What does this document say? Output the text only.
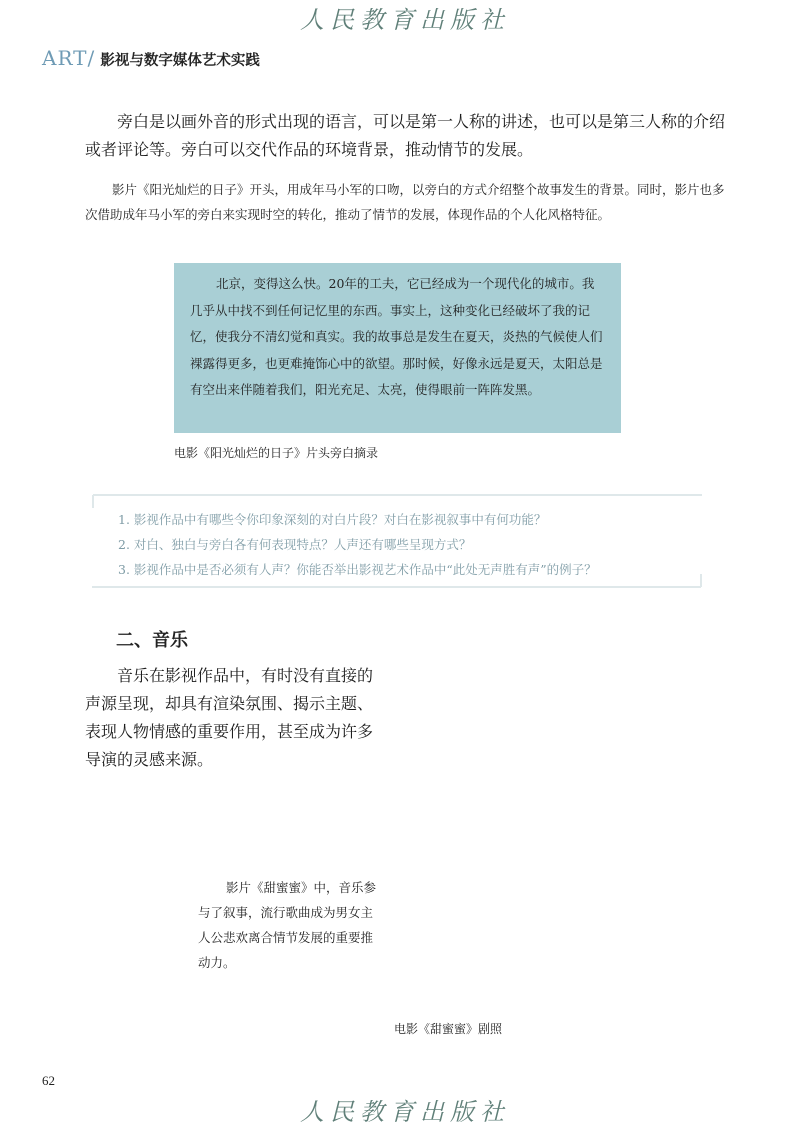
人民教育出版社
ART/ 影视与数字媒体艺术实践

旁白是以画外音的形式出现的语言，可以是第一人称的讲述，也可以是第三人称的介绍或者评论等。旁白可以交代作品的环境背景，推动情节的发展。

影片《阳光灿烂的日子》开头，用成年马小军的口吻，以旁白的方式介绍整个故事发生的背景。同时，影片也多次借助成年马小军的旁白来实现时空的转化，推动了情节的发展，体现作品的个人化风格特征。

北京，变得这么快。20年的工夫，它已经成为一个现代化的城市。我几乎从中找不到任何记忆里的东西。事实上，这种变化已经破坏了我的记忆，使我分不清幻觉和真实。我的故事总是发生在夏天，炎热的气候使人们裸露得更多，也更难掩饰心中的欲望。那时候，好像永远是夏天，太阳总是有空出来伴随着我们，阳光充足、太亮，使得眼前一阵阵发黑。

电影《阳光灿烂的日子》片头旁白摘录
1. 影视作品中有哪些令你印象深刻的对白片段？对白在影视叙事中有何功能？
2. 对白、独白与旁白各有何表现特点？人声还有哪些呈现方式？
3. 影视作品中是否必须有人声？你能否举出影视艺术作品中“此处无声胜有声”的例子？
二、音乐

音乐在影视作品中，有时没有直接的声源呈现，却具有渲染氛围、揭示主题、表现人物情感的重要作用，甚至成为许多导演的灵感来源。

影片《甜蜜蜜》中，音乐参与了叙事，流行歌曲成为男女主人公悲欢离合情节发展的重要推动力。

电影《甜蜜蜜》剧照
62
人民教育出版社
